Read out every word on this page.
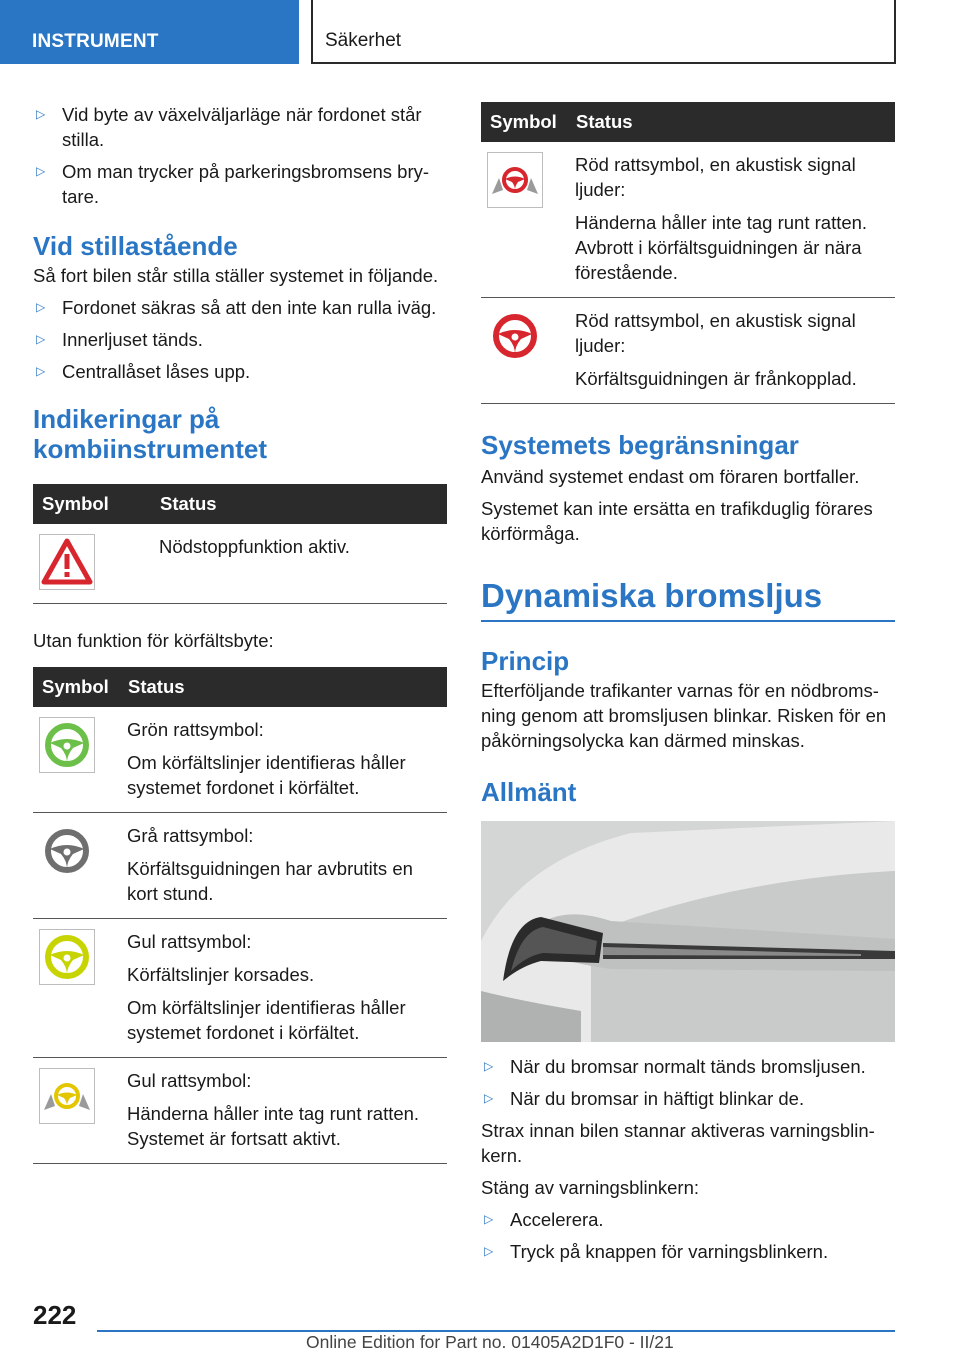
INSTRUMENT	Säkerhet
▷ Vid byte av växelväljarläge när fordonet står stilla.
▷ Om man trycker på parkeringsbromsens bry-tare.
Vid stillastående

Så fort bilen står stilla ställer systemet in följande.

▷ Fordonet säkras så att den inte kan rulla iväg.
▷ Innerljuset tänds.
▷ Centrallåset låses upp.
Indikeringar på kombiinstrumentet
Symbol	Status

Nödstoppfunktion aktiv.

Utan funktion för körfältsbyte:

Symbol	Status

Grön rattsymbol:
Om körfältslinjer identifieras håller systemet fordonet i körfältet.

Grå rattsymbol:
Körfältsguidningen har avbrutits en kort stund.

Gul rattsymbol:
Körfältslinjer korsades.
Om körfältslinjer identifieras håller systemet fordonet i körfältet.

Gul rattsymbol:
Händerna håller inte tag runt ratten. Systemet är fortsatt aktivt.
Symbol	Status

Röd rattsymbol, en akustisk signal ljuder:
Händerna håller inte tag runt ratten. Avbrott i körfältsguidningen är nära förestående.

Röd rattsymbol, en akustisk signal ljuder:
Körfältsguidningen är frånkopplad.
Systemets begränsningar

Använd systemet endast om föraren bortfaller.

Systemet kan inte ersätta en trafikduglig förares körförmåga.

Dynamiska bromsljus
Princip

Efterföljande trafikanter varnas för en nödbroms-ning genom att bromsljusen blinkar. Risken för en påkörningsolycka kan därmed minskas.

Allmänt
▷ När du bromsar normalt tänds bromsljusen.
▷ När du bromsar in häftigt blinkar de.

Strax innan bilen stannar aktiveras varningsblin-kern.

Stäng av varningsblinkern:

▷ Accelerera.
▷ Tryck på knappen för varningsblinkern.
222
Online Edition for Part no. 01405A2D1F0 - II/21
